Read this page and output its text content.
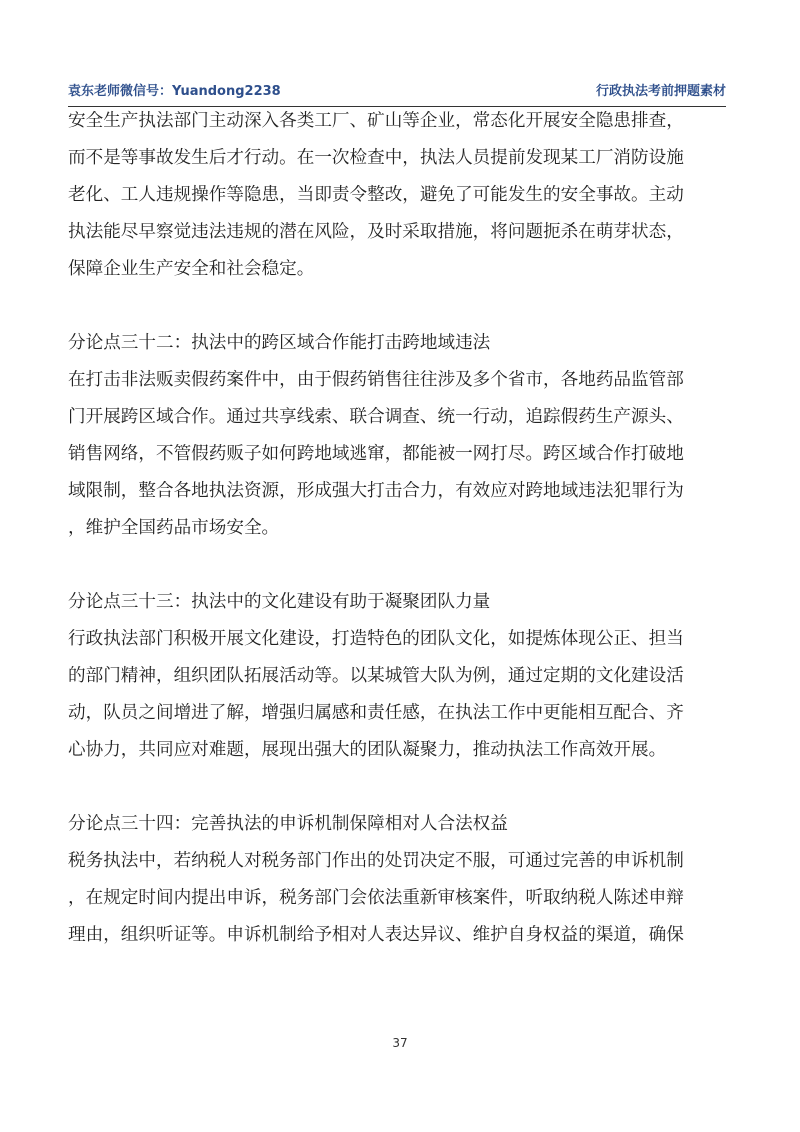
袁东老师微信号：Yuandong2238	行政执法考前押题素材

安全生产执法部门主动深入各类工厂、矿山等企业，常态化开展安全隐患排查，
而不是等事故发生后才行动。在一次检查中，执法人员提前发现某工厂消防设施
老化、工人违规操作等隐患，当即责令整改，避免了可能发生的安全事故。主动
执法能尽早察觉违法违规的潜在风险，及时采取措施，将问题扼杀在萌芽状态，
保障企业生产安全和社会稳定。

分论点三十二：执法中的跨区域合作能打击跨地域违法

在打击非法贩卖假药案件中，由于假药销售往往涉及多个省市，各地药品监管部
门开展跨区域合作。通过共享线索、联合调查、统一行动，追踪假药生产源头、
销售网络，不管假药贩子如何跨地域逃窜，都能被一网打尽。跨区域合作打破地
域限制，整合各地执法资源，形成强大打击合力，有效应对跨地域违法犯罪行为
，维护全国药品市场安全。

分论点三十三：执法中的文化建设有助于凝聚团队力量

行政执法部门积极开展文化建设，打造特色的团队文化，如提炼体现公正、担当
的部门精神，组织团队拓展活动等。以某城管大队为例，通过定期的文化建设活
动，队员之间增进了解，增强归属感和责任感，在执法工作中更能相互配合、齐
心协力，共同应对难题，展现出强大的团队凝聚力，推动执法工作高效开展。

分论点三十四：完善执法的申诉机制保障相对人合法权益

税务执法中，若纳税人对税务部门作出的处罚决定不服，可通过完善的申诉机制
，在规定时间内提出申诉，税务部门会依法重新审核案件，听取纳税人陈述申辩
理由，组织听证等。申诉机制给予相对人表达异议、维护自身权益的渠道，确保

37
